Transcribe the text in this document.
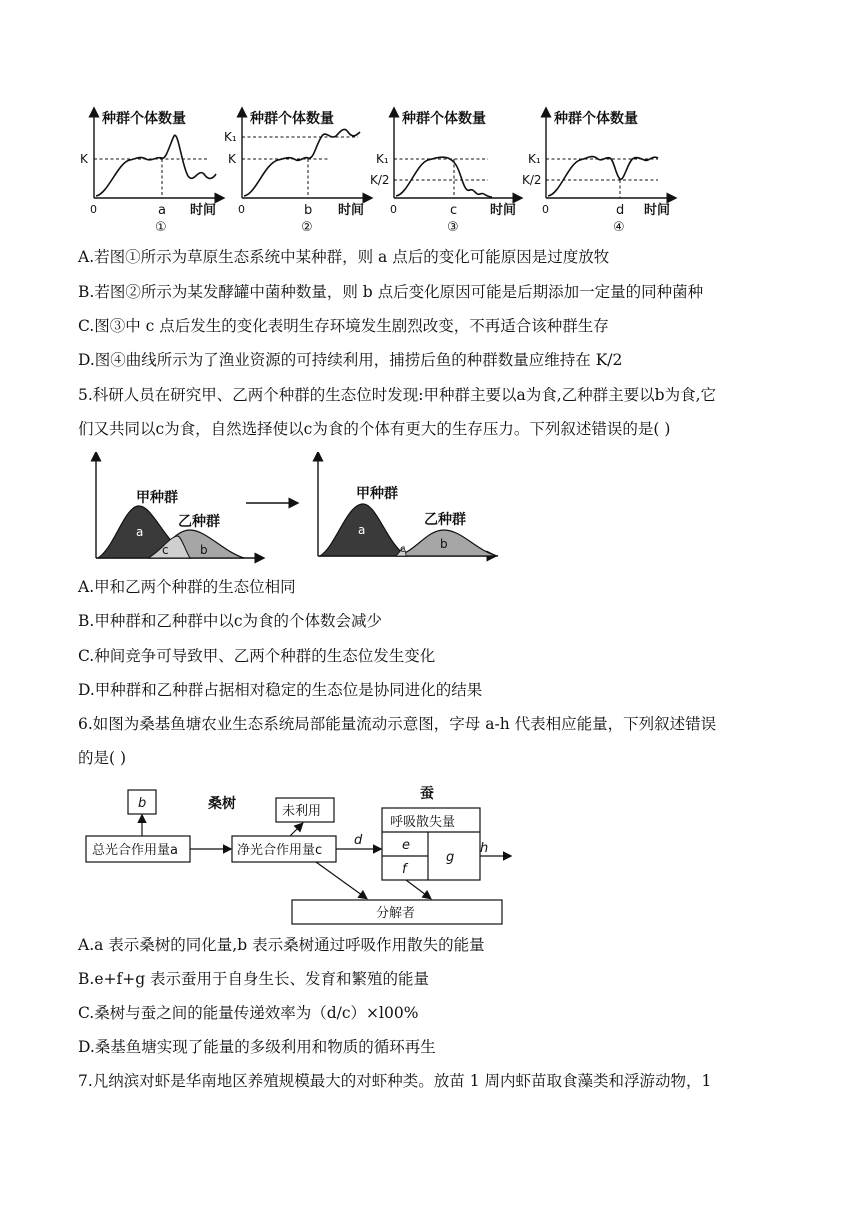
种群个体数量
0
K
a 时间
①
种群个体数量
0
K₁
K
b 时间
②
种群个体数量
0
K₁
K/2
c	时间
③
种群个体数量
0
K₁
K/2
d 时间
④
A.若图①所示为草原生态系统中某种群，则 a 点后的变化可能原因是过度放牧
B.若图②所示为某发酵罐中菌种数量，则 b 点后变化原因可能是后期添加一定量的同种菌种
C.图③中 c 点后发生的变化表明生存环境发生剧烈改变，不再适合该种群生存
D.图④曲线所示为了渔业资源的可持续利用，捕捞后鱼的种群数量应维持在 K/2
5.科研人员在研究甲、乙两个种群的生态位时发现:甲种群主要以a为食,乙种群主要以b为食,它
们又共同以c为食，自然选择使以c为食的个体有更大的生存压力。下列叙述错误的是( )
甲种群
乙种群
a
c	b
甲种群
乙种群
a
c	b
A.甲和乙两个种群的生态位相同
B.甲种群和乙种群中以c为食的个体数会减少
C.种间竞争可导致甲、乙两个种群的生态位发生变化
D.甲种群和乙种群占据相对稳定的生态位是协同进化的结果
6.如图为桑基鱼塘农业生态系统局部能量流动示意图，字母 a-h 代表相应能量，下列叙述错误
的是( )
b	桑树
总光合作用量a
未利用
净光合作用量c
d
蚕
呼吸散失量
e
f
g
h
分解者
A.a 表示桑树的同化量,b 表示桑树通过呼吸作用散失的能量
B.e+f+g 表示蚕用于自身生长、发育和繁殖的能量
C.桑树与蚕之间的能量传递效率为（d/c）×l00%
D.桑基鱼塘实现了能量的多级利用和物质的循环再生
7.凡纳滨对虾是华南地区养殖规模最大的对虾种类。放苗 1 周内虾苗取食藻类和浮游动物，1
